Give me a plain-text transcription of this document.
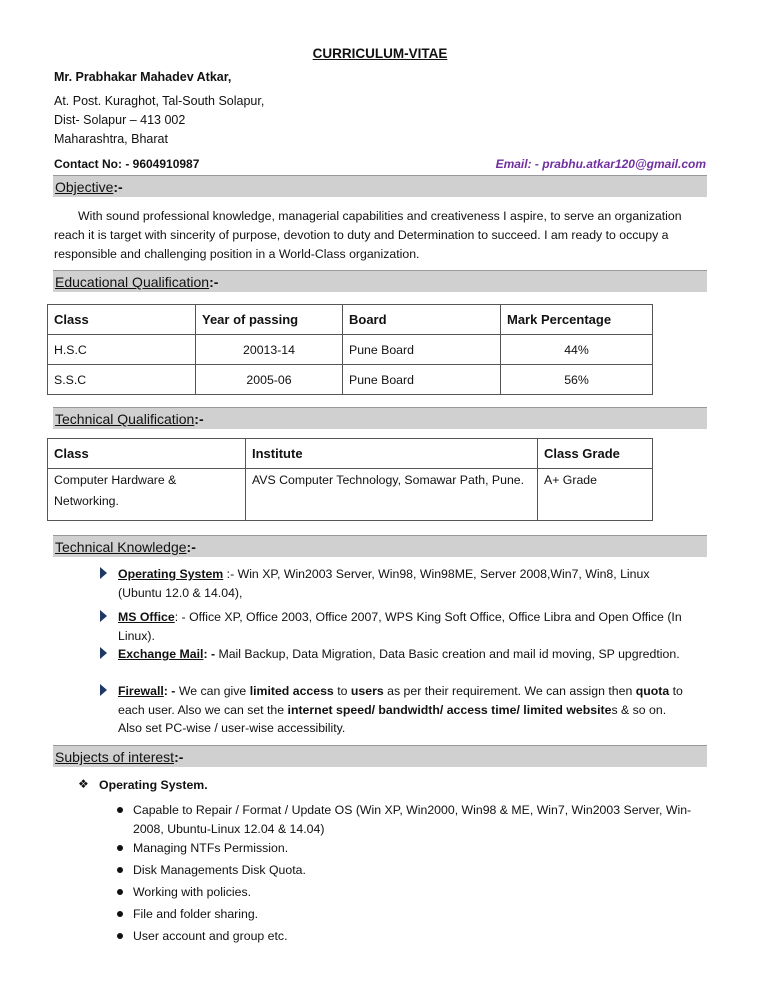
CURRICULUM-VITAE
Mr. Prabhakar Mahadev Atkar,
At. Post. Kuraghot, Tal-South Solapur,
Dist- Solapur – 413 002
Maharashtra, Bharat
Contact No: - 9604910987	Email: - prabhu.atkar120@gmail.com
Objective:-
With sound professional knowledge, managerial capabilities and creativeness I aspire, to serve an organization reach it is target with sincerity of purpose, devotion to duty and Determination to succeed. I am ready to occupy a responsible and challenging position in a World-Class organization.
Educational Qualification:-
Class	Year of passing	Board	Mark Percentage
H.S.C	20013-14	Pune Board	44%
S.S.C	2005-06	Pune Board	56%
Technical Qualification:-
Class	Institute	Class Grade
Computer Hardware & Networking.	AVS Computer Technology, Somawar Path, Pune.	A+ Grade
Technical Knowledge:-
Operating System :- Win XP, Win2003 Server, Win98, Win98ME, Server 2008,Win7, Win8, Linux (Ubuntu 12.0 & 14.04),
MS Office: - Office XP, Office 2003, Office 2007, WPS King Soft Office, Office Libra and Open Office (In Linux).
Exchange Mail: - Mail Backup, Data Migration, Data Basic creation and mail id moving, SP upgredtion.
Firewall: - We can give limited access to users as per their requirement. We can assign then quota to each user. Also we can set the internet speed/ bandwidth/ access time/ limited websites & so on. Also set PC-wise / user-wise accessibility.
Subjects of interest:-
❖ Operating System.
Capable to Repair / Format / Update OS (Win XP, Win2000, Win98 & ME, Win7, Win2003 Server, Win-2008, Ubuntu-Linux 12.04 & 14.04)
Managing NTFs Permission.
Disk Managements Disk Quota.
Working with policies.
File and folder sharing.
User account and group etc.
